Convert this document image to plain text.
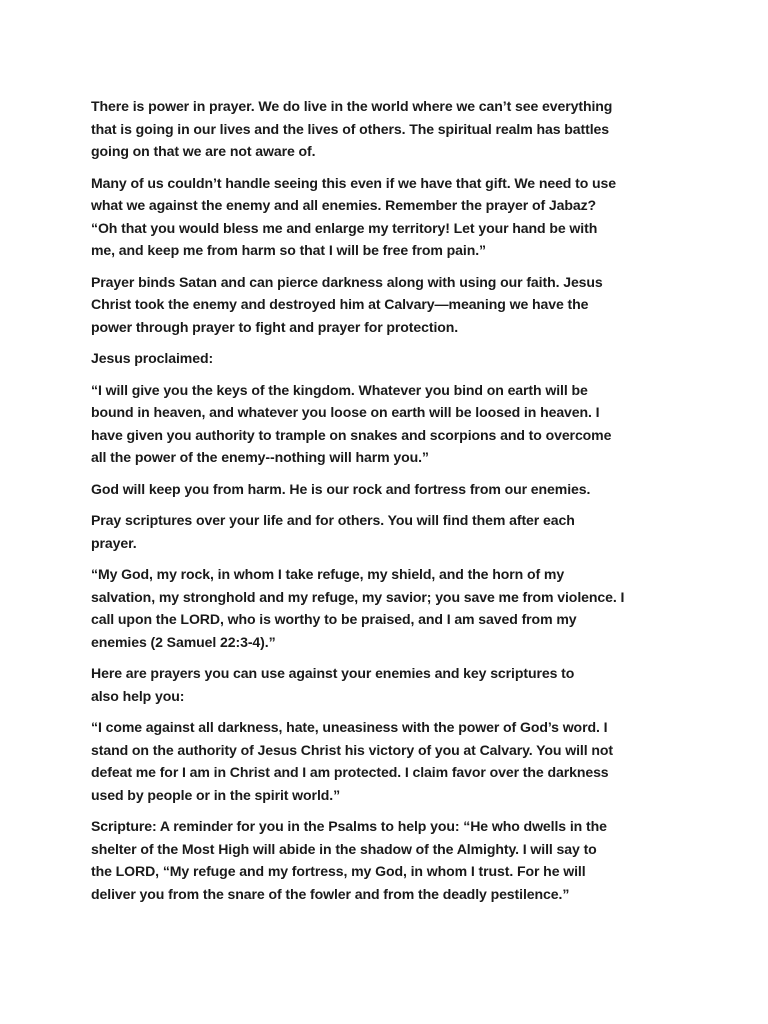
There is power in prayer. We do live in the world where we can’t see everything
that is going in our lives and the lives of others. The spiritual realm has battles
going on that we are not aware of.

Many of us couldn’t handle seeing this even if we have that gift. We need to use
what we against the enemy and all enemies. Remember the prayer of Jabaz?
“Oh that you would bless me and enlarge my territory! Let your hand be with
me, and keep me from harm so that I will be free from pain.”

Prayer binds Satan and can pierce darkness along with using our faith. Jesus
Christ took the enemy and destroyed him at Calvary—meaning we have the
power through prayer to fight and prayer for protection.

Jesus proclaimed:

“I will give you the keys of the kingdom. Whatever you bind on earth will be
bound in heaven, and whatever you loose on earth will be loosed in heaven. I
have given you authority to trample on snakes and scorpions and to overcome
all the power of the enemy--nothing will harm you.”

God will keep you from harm. He is our rock and fortress from our enemies.

Pray scriptures over your life and for others. You will find them after each
prayer.

“My God, my rock, in whom I take refuge, my shield, and the horn of my
salvation, my stronghold and my refuge, my savior; you save me from violence. I
call upon the LORD, who is worthy to be praised, and I am saved from my
enemies (2 Samuel 22:3-4).”

Here are prayers you can use against your enemies and key scriptures to
also help you:

“I come against all darkness, hate, uneasiness with the power of God’s word. I
stand on the authority of Jesus Christ his victory of you at Calvary. You will not
defeat me for I am in Christ and I am protected. I claim favor over the darkness
used by people or in the spirit world.”

Scripture: A reminder for you in the Psalms to help you: “He who dwells in the
shelter of the Most High will abide in the shadow of the Almighty. I will say to
the LORD, “My refuge and my fortress, my God, in whom I trust. For he will
deliver you from the snare of the fowler and from the deadly pestilence.”
